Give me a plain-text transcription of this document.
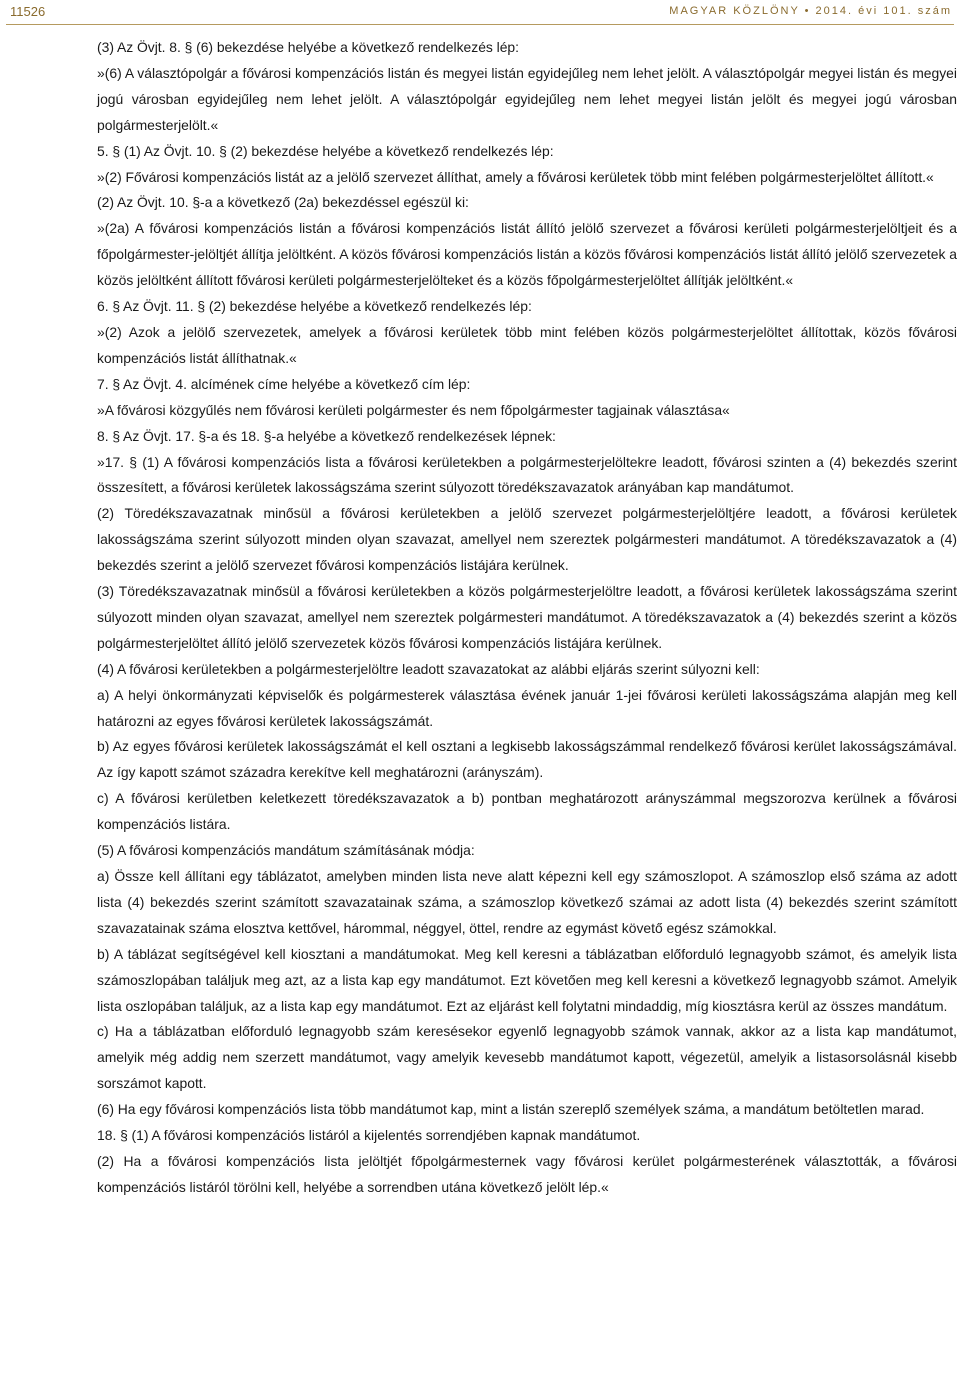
11526	MAGYAR KÖZLÖNY • 2014. évi 101. szám

(3) Az Övjt. 8. § (6) bekezdése helyébe a következő rendelkezés lép:

»(6) A választópolgár a fővárosi kompenzációs listán és megyei listán egyidejűleg nem lehet jelölt. A választópolgár megyei listán és megyei jogú városban egyidejűleg nem lehet jelölt. A választópolgár egyidejűleg nem lehet megyei listán jelölt és megyei jogú városban polgármesterjelölt.«

5. § (1) Az Övjt. 10. § (2) bekezdése helyébe a következő rendelkezés lép:

»(2) Fővárosi kompenzációs listát az a jelölő szervezet állíthat, amely a fővárosi kerületek több mint felében polgármesterjelöltet állított.«

(2) Az Övjt. 10. §-a a következő (2a) bekezdéssel egészül ki:

»(2a) A fővárosi kompenzációs listán a fővárosi kompenzációs listát állító jelölő szervezet a fővárosi kerületi polgármesterjelöltjeit és a főpolgármester-jelöltjét állítja jelöltként. A közös fővárosi kompenzációs listán a közös fővárosi kompenzációs listát állító jelölő szervezetek a közös jelöltként állított fővárosi kerületi polgármesterjelölteket és a közös főpolgármesterjelöltet állítják jelöltként.«

6. § Az Övjt. 11. § (2) bekezdése helyébe a következő rendelkezés lép:

»(2) Azok a jelölő szervezetek, amelyek a fővárosi kerületek több mint felében közös polgármesterjelöltet állítottak, közös fővárosi kompenzációs listát állíthatnak.«

7. § Az Övjt. 4. alcímének címe helyébe a következő cím lép:

»A fővárosi közgyűlés nem fővárosi kerületi polgármester és nem főpolgármester tagjainak választása«

8. § Az Övjt. 17. §-a és 18. §-a helyébe a következő rendelkezések lépnek:

»17. § (1) A fővárosi kompenzációs lista a fővárosi kerületekben a polgármesterjelöltekre leadott, fővárosi szinten a (4) bekezdés szerint összesített, a fővárosi kerületek lakosságszáma szerint súlyozott töredékszavazatok arányában kap mandátumot.

(2) Töredékszavazatnak minősül a fővárosi kerületekben a jelölő szervezet polgármesterjelöltjére leadott, a fővárosi kerületek lakosságszáma szerint súlyozott minden olyan szavazat, amellyel nem szereztek polgármesteri mandátumot. A töredékszavazatok a (4) bekezdés szerint a jelölő szervezet fővárosi kompenzációs listájára kerülnek.

(3) Töredékszavazatnak minősül a fővárosi kerületekben a közös polgármesterjelöltre leadott, a fővárosi kerületek lakosságszáma szerint súlyozott minden olyan szavazat, amellyel nem szereztek polgármesteri mandátumot. A töredékszavazatok a (4) bekezdés szerint a közös polgármesterjelöltet állító jelölő szervezetek közös fővárosi kompenzációs listájára kerülnek.

(4) A fővárosi kerületekben a polgármesterjelöltre leadott szavazatokat az alábbi eljárás szerint súlyozni kell:

a) A helyi önkormányzati képviselők és polgármesterek választása évének január 1-jei fővárosi kerületi lakosságszáma alapján meg kell határozni az egyes fővárosi kerületek lakosságszámát.

b) Az egyes fővárosi kerületek lakosságszámát el kell osztani a legkisebb lakosságszámmal rendelkező fővárosi kerület lakosságszámával. Az így kapott számot századra kerekítve kell meghatározni (arányszám).

c) A fővárosi kerületben keletkezett töredékszavazatok a b) pontban meghatározott arányszámmal megszorozva kerülnek a fővárosi kompenzációs listára.

(5) A fővárosi kompenzációs mandátum számításának módja:

a) Össze kell állítani egy táblázatot, amelyben minden lista neve alatt képezni kell egy számoszlopot. A számoszlop első száma az adott lista (4) bekezdés szerint számított szavazatainak száma, a számoszlop következő számai az adott lista (4) bekezdés szerint számított szavazatainak száma elosztva kettővel, hárommal, néggyel, öttel, rendre az egymást követő egész számokkal.

b) A táblázat segítségével kell kiosztani a mandátumokat. Meg kell keresni a táblázatban előforduló legnagyobb számot, és amelyik lista számoszlopában találjuk meg azt, az a lista kap egy mandátumot. Ezt követően meg kell keresni a következő legnagyobb számot. Amelyik lista oszlopában találjuk, az a lista kap egy mandátumot. Ezt az eljárást kell folytatni mindaddig, míg kiosztásra kerül az összes mandátum.

c) Ha a táblázatban előforduló legnagyobb szám keresésekor egyenlő legnagyobb számok vannak, akkor az a lista kap mandátumot, amelyik még addig nem szerzett mandátumot, vagy amelyik kevesebb mandátumot kapott, végezetül, amelyik a listasorsolásnál kisebb sorszámot kapott.

(6) Ha egy fővárosi kompenzációs lista több mandátumot kap, mint a listán szereplő személyek száma, a mandátum betöltetlen marad.

18. § (1) A fővárosi kompenzációs listáról a kijelentés sorrendjében kapnak mandátumot.

(2) Ha a fővárosi kompenzációs lista jelöltjét főpolgármesternek vagy fővárosi kerület polgármesterének választották, a fővárosi kompenzációs listáról törölni kell, helyébe a sorrendben utána következő jelölt lép.«
